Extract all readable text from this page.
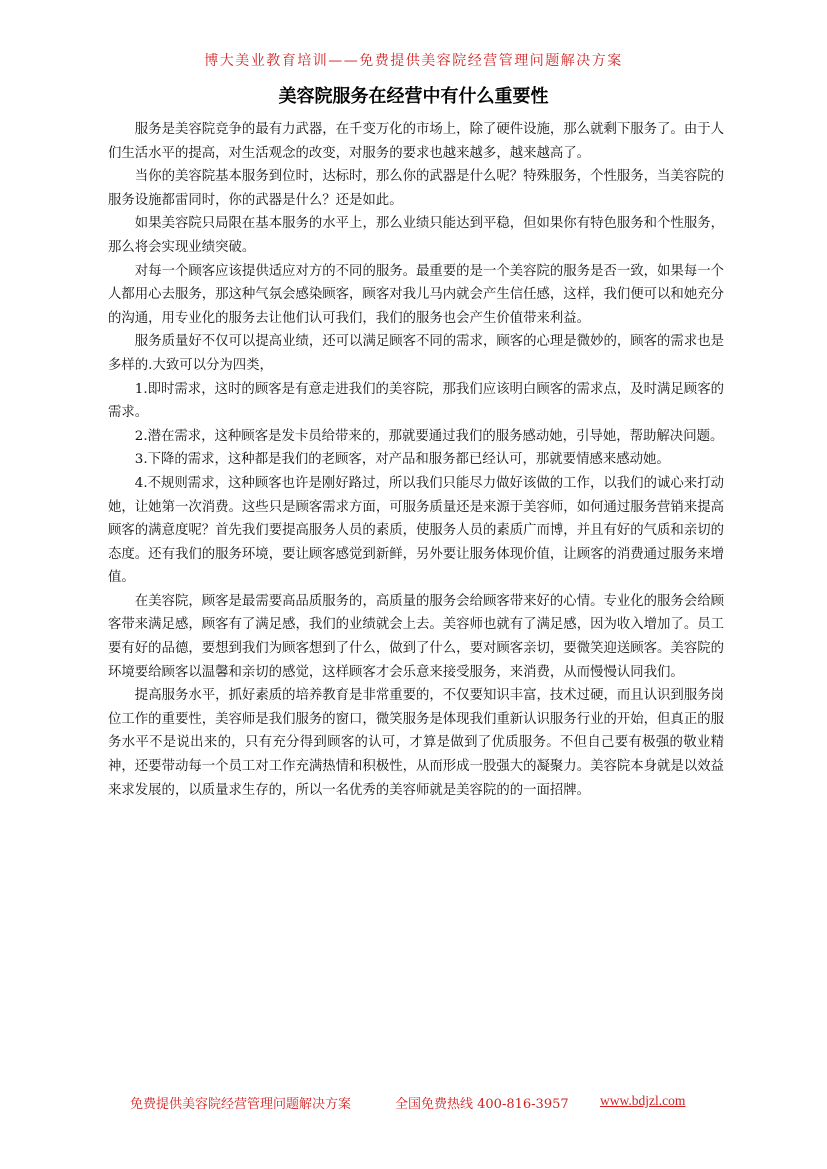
博大美业教育培训——免费提供美容院经营管理问题解决方案
美容院服务在经营中有什么重要性

服务是美容院竞争的最有力武器，在千变万化的市场上，除了硬件设施，那么就剩下服务了。由于人们生活水平的提高，对生活观念的改变，对服务的要求也越来越多，越来越高了。

当你的美容院基本服务到位时，达标时，那么你的武器是什么呢？特殊服务，个性服务，当美容院的服务设施都雷同时，你的武器是什么？还是如此。

如果美容院只局限在基本服务的水平上，那么业绩只能达到平稳，但如果你有特色服务和个性服务，那么将会实现业绩突破。

对每一个顾客应该提供适应对方的不同的服务。最重要的是一个美容院的服务是否一致，如果每一个人都用心去服务，那这种气氛会感染顾客，顾客对我儿马内就会产生信任感，这样，我们便可以和她充分的沟通，用专业化的服务去让他们认可我们，我们的服务也会产生价值带来利益。

服务质量好不仅可以提高业绩，还可以满足顾客不同的需求，顾客的心理是微妙的，顾客的需求也是多样的.大致可以分为四类，

1.即时需求，这时的顾客是有意走进我们的美容院，那我们应该明白顾客的需求点，及时满足顾客的需求。

2.潜在需求，这种顾客是发卡员给带来的，那就要通过我们的服务感动她，引导她，帮助解决问题。

3.下降的需求，这种都是我们的老顾客，对产品和服务都已经认可，那就要情感来感动她。

4.不规则需求，这种顾客也许是刚好路过，所以我们只能尽力做好该做的工作，以我们的诚心来打动她，让她第一次消费。这些只是顾客需求方面，可服务质量还是来源于美容师，如何通过服务营销来提高顾客的满意度呢？首先我们要提高服务人员的素质，使服务人员的素质广而博，并且有好的气质和亲切的态度。还有我们的服务环境，要让顾客感觉到新鲜，另外要让服务体现价值，让顾客的消费通过服务来增值。

在美容院，顾客是最需要高品质服务的，高质量的服务会给顾客带来好的心情。专业化的服务会给顾客带来满足感，顾客有了满足感，我们的业绩就会上去。美容师也就有了满足感，因为收入增加了。员工要有好的品德，要想到我们为顾客想到了什么，做到了什么，要对顾客亲切，要微笑迎送顾客。美容院的环境要给顾客以温馨和亲切的感觉，这样顾客才会乐意来接受服务，来消费，从而慢慢认同我们。

提高服务水平，抓好素质的培养教育是非常重要的，不仅要知识丰富，技术过硬，而且认识到服务岗位工作的重要性，美容师是我们服务的窗口，微笑服务是体现我们重新认识服务行业的开始，但真正的服务水平不是说出来的，只有充分得到顾客的认可，才算是做到了优质服务。不但自己要有极强的敬业精神，还要带动每一个员工对工作充满热情和积极性，从而形成一股强大的凝聚力。美容院本身就是以效益来求发展的，以质量求生存的，所以一名优秀的美容师就是美容院的的一面招牌。

免费提供美容院经营管理问题解决方案	全国免费热线 400-816-3957 www.bdjzl.com
